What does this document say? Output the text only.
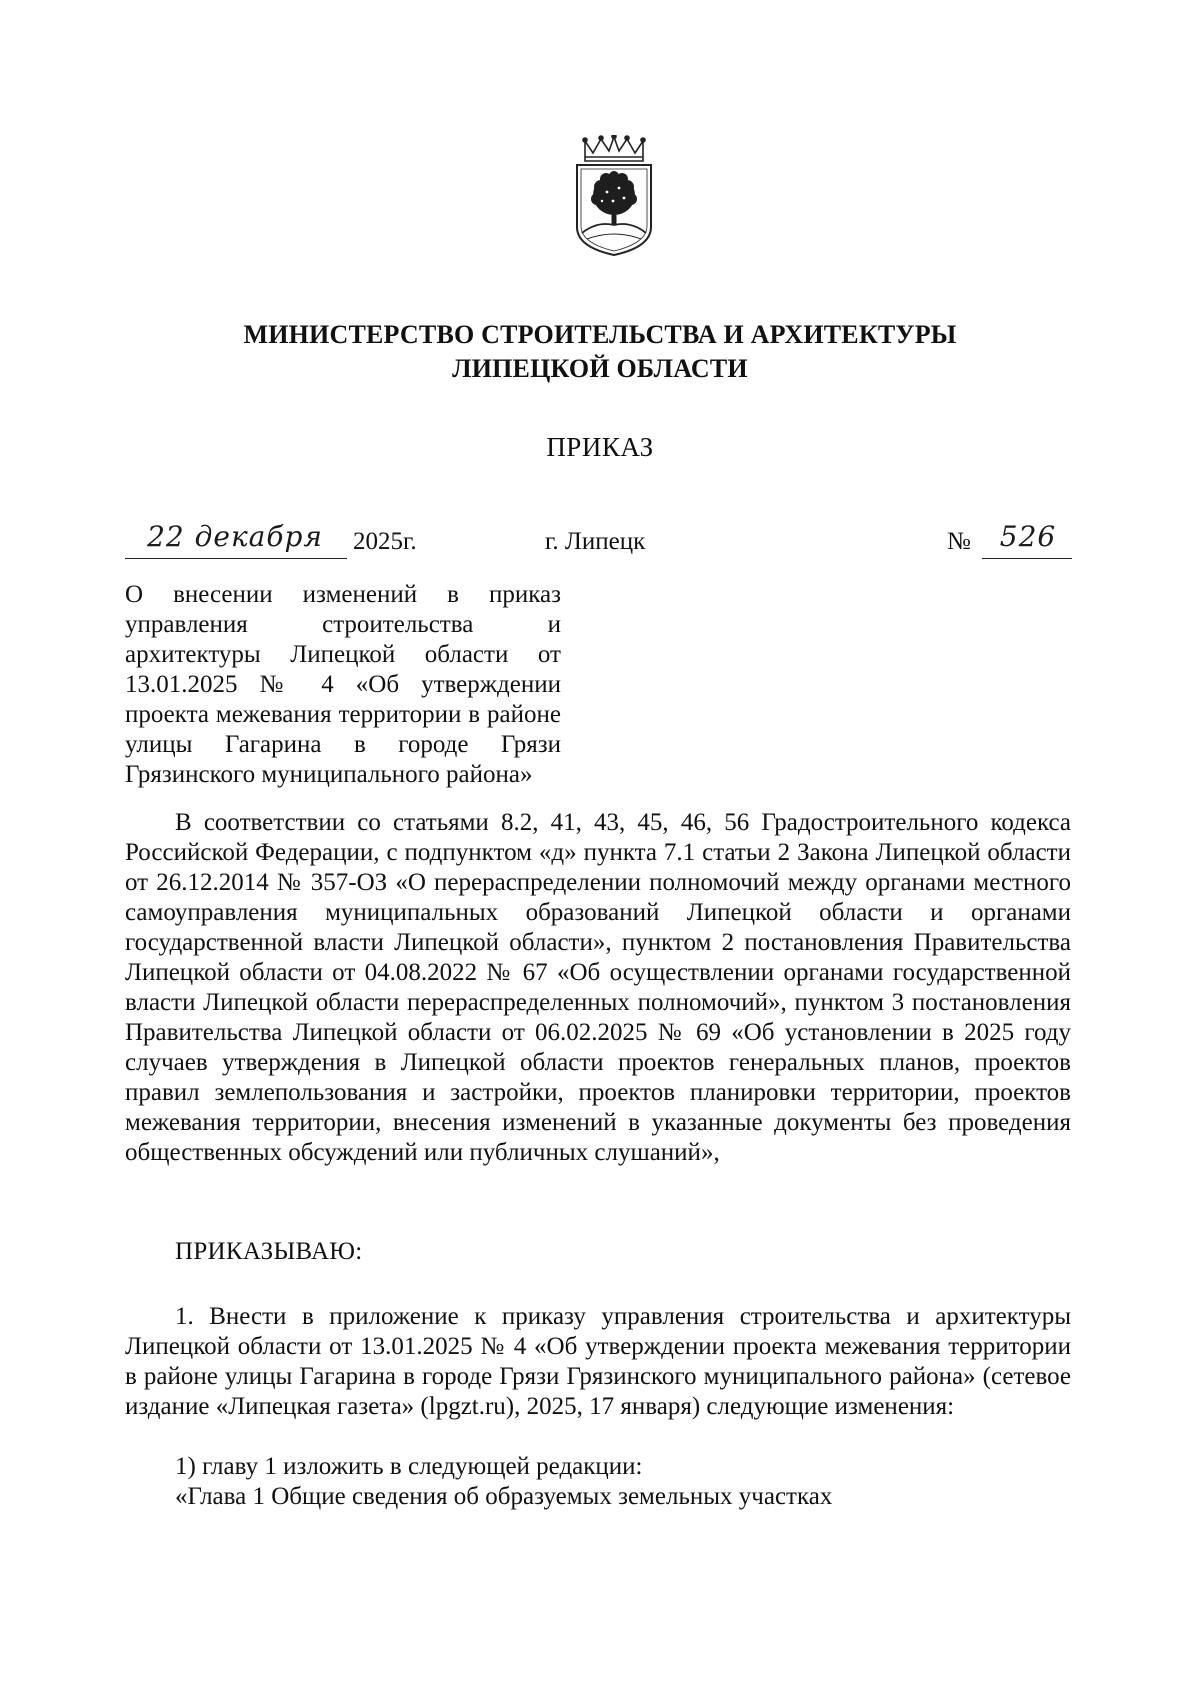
МИНИСТЕРСТВО СТРОИТЕЛЬСТВА И АРХИТЕКТУРЫ
ЛИПЕЦКОЙ ОБЛАСТИ
ПРИКАЗ
22 декабря	2025г.	г. Липецк	№	526
О внесении изменений в приказ управления строительства и архитектуры Липецкой области от 13.01.2025 № 4 «Об утверждении проекта межевания территории в районе улицы Гагарина в городе Грязи Грязинского муниципального района»

В соответствии со статьями 8.2, 41, 43, 45, 46, 56 Градостроительного кодекса Российской Федерации, с подпунктом «д» пункта 7.1 статьи 2 Закона Липецкой области от 26.12.2014 № 357-ОЗ «О перераспределении полномочий между органами местного самоуправления муниципальных образований Липецкой области и органами государственной власти Липецкой области», пунктом 2 постановления Правительства Липецкой области от 04.08.2022 № 67 «Об осуществлении органами государственной власти Липецкой области перераспределенных полномочий», пунктом 3 постановления Правительства Липецкой области от 06.02.2025 № 69 «Об установлении в 2025 году случаев утверждения в Липецкой области проектов генеральных планов, проектов правил землепользования и застройки, проектов планировки территории, проектов межевания территории, внесения изменений в указанные документы без проведения общественных обсуждений или публичных слушаний»,

ПРИКАЗЫВАЮ:

1. Внести в приложение к приказу управления строительства и архитектуры Липецкой области от 13.01.2025 № 4 «Об утверждении проекта межевания территории в районе улицы Гагарина в городе Грязи Грязинского муниципального района» (сетевое издание «Липецкая газета» (lpgzt.ru), 2025, 17 января) следующие изменения:

1) главу 1 изложить в следующей редакции:
«Глава 1 Общие сведения об образуемых земельных участках
